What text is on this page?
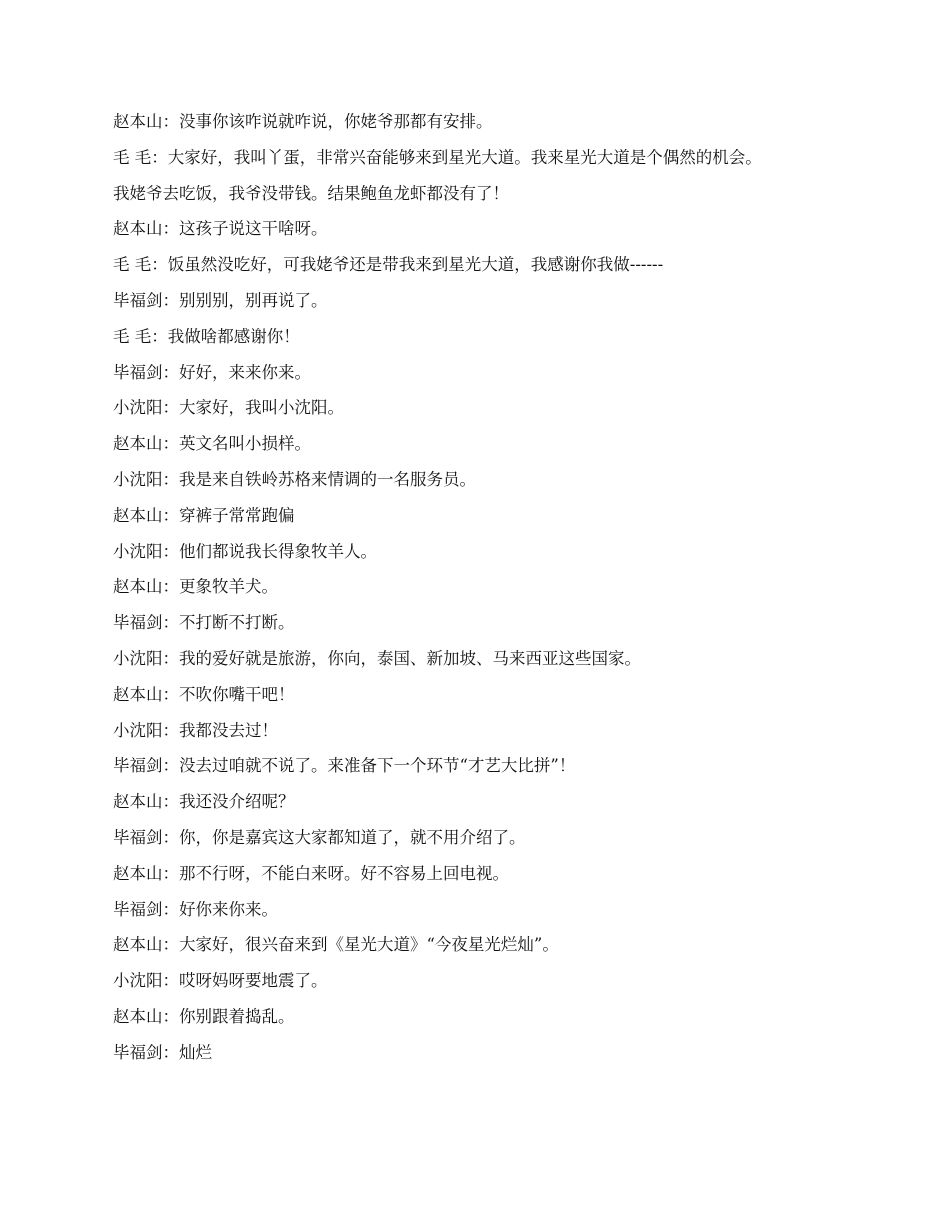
赵本山：没事你该咋说就咋说，你姥爷那都有安排。

毛 毛：大家好，我叫丫蛋，非常兴奋能够来到星光大道。我来星光大道是个偶然的机会。

我姥爷去吃饭，我爷没带钱。结果鲍鱼龙虾都没有了！

赵本山：这孩子说这干啥呀。

毛 毛：饭虽然没吃好，可我姥爷还是带我来到星光大道，我感谢你我做------

毕福剑：别别别，别再说了。

毛 毛：我做啥都感谢你！

毕福剑：好好，来来你来。

小沈阳：大家好，我叫小沈阳。

赵本山：英文名叫小损样。

小沈阳：我是来自铁岭苏格来情调的一名服务员。

赵本山：穿裤子常常跑偏

小沈阳：他们都说我长得象牧羊人。

赵本山：更象牧羊犬。

毕福剑：不打断不打断。

小沈阳：我的爱好就是旅游，你向，泰国、新加坡、马来西亚这些国家。

赵本山：不吹你嘴干吧！

小沈阳：我都没去过！

毕福剑：没去过咱就不说了。来准备下一个环节“才艺大比拼”！

赵本山：我还没介绍呢？

毕福剑：你，你是嘉宾这大家都知道了，就不用介绍了。

赵本山：那不行呀，不能白来呀。好不容易上回电视。

毕福剑：好你来你来。

赵本山：大家好，很兴奋来到《星光大道》“今夜星光烂灿”。

小沈阳：哎呀妈呀要地震了。

赵本山：你别跟着捣乱。

毕福剑：灿烂
